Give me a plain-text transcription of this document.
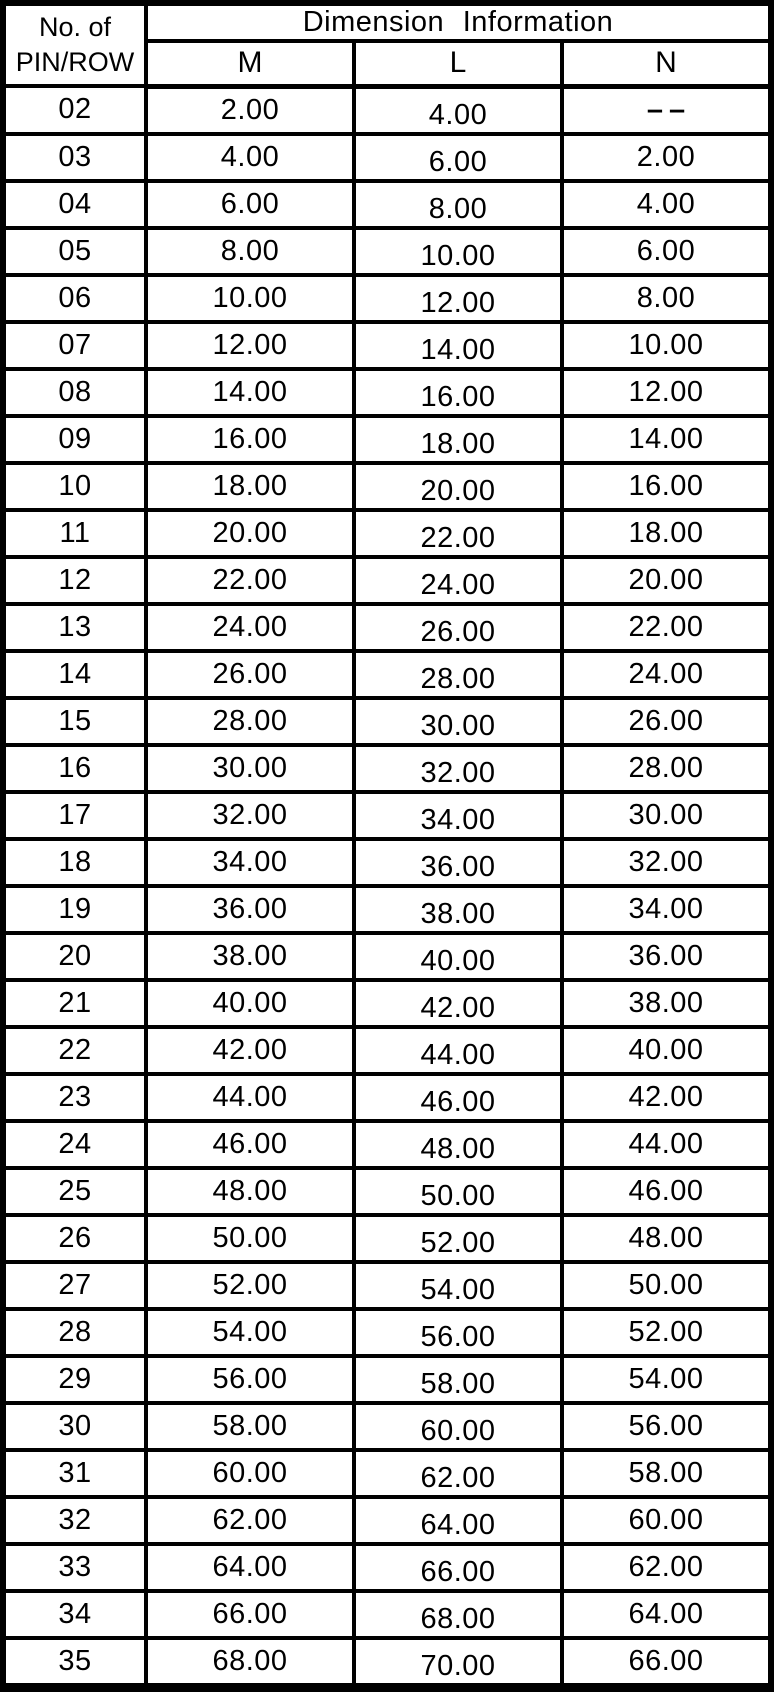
No. of
PIN/ROW	Dimension Information		
	M	L	N
02	2.00	4.00	––
03	4.00	6.00	2.00
04	6.00	8.00	4.00
05	8.00	10.00	6.00
06	10.00	12.00	8.00
07	12.00	14.00	10.00
08	14.00	16.00	12.00
09	16.00	18.00	14.00
10	18.00	20.00	16.00
11	20.00	22.00	18.00
12	22.00	24.00	20.00
13	24.00	26.00	22.00
14	26.00	28.00	24.00
15	28.00	30.00	26.00
16	30.00	32.00	28.00
17	32.00	34.00	30.00
18	34.00	36.00	32.00
19	36.00	38.00	34.00
20	38.00	40.00	36.00
21	40.00	42.00	38.00
22	42.00	44.00	40.00
23	44.00	46.00	42.00
24	46.00	48.00	44.00
25	48.00	50.00	46.00
26	50.00	52.00	48.00
27	52.00	54.00	50.00
28	54.00	56.00	52.00
29	56.00	58.00	54.00
30	58.00	60.00	56.00
31	60.00	62.00	58.00
32	62.00	64.00	60.00
33	64.00	66.00	62.00
34	66.00	68.00	64.00
35	68.00	70.00	66.00
